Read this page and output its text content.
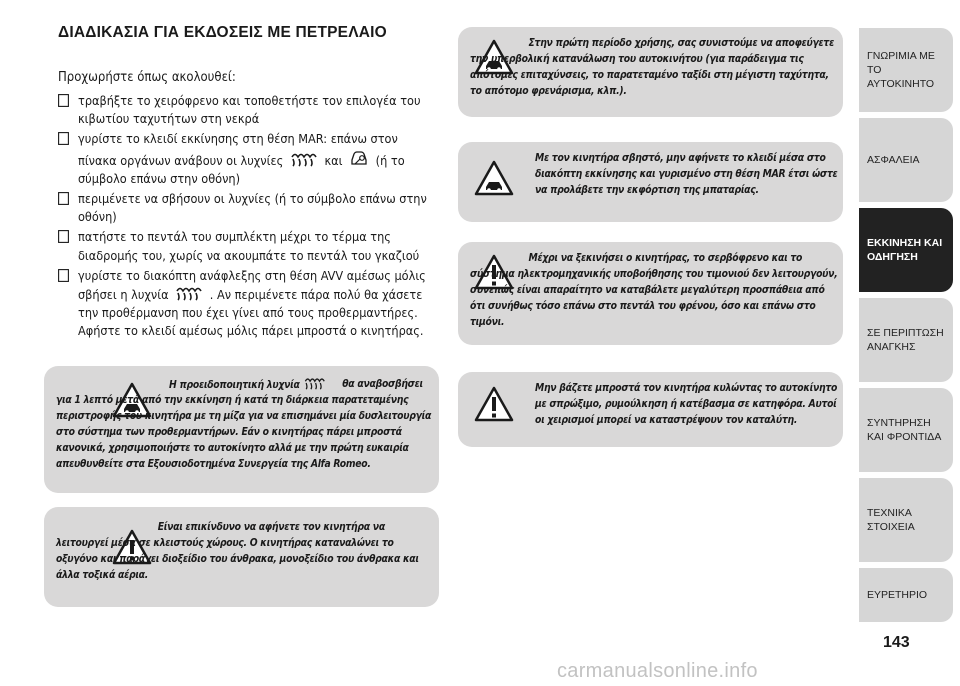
ΔΙΑΔΙΚΑΣΙΑ ΓΙΑ ΕΚΔΟΣΕΙΣ ΜΕ ΠΕΤΡΕΛΑΙΟ
Προχωρήστε όπως ακολουθεί:
τραβήξτε το χειρόφρενο και τοποθετήστε τον επιλογέα του κιβωτίου ταχυτήτων στη νεκρά
γυρίστε το κλειδί εκκίνησης στη θέση MAR: επάνω στον πίνακα οργάνων ανάβουν οι λυχνίες	και	(ή το σύμβολο επάνω στην οθόνη)
περιμένετε να σβήσουν οι λυχνίες (ή το σύμβολο επάνω στην οθόνη)
πατήστε το πεντάλ του συμπλέκτη μέχρι το τέρμα της διαδρομής του, χωρίς να ακουμπάτε το πεντάλ του γκαζιού
γυρίστε το διακόπτη ανάφλεξης στη θέση AVV αμέσως μόλις σβήσει η λυχνία	. Αν περιμένετε πάρα πολύ θα χάσετε την προθέρμανση που έχει γίνει από τους προθερμαντήρες. Αφήστε το κλειδί αμέσως μόλις πάρει μπροστά ο κινητήρας.

Η προειδοποιητική λυχνία	θα αναβοσβήσει για 1 λεπτό μετά από την εκκίνηση ή κατά τη διάρκεια παρατεταμένης περιστροφής του κινητήρα με τη μίζα για να επισημάνει μία δυσλειτουργία στο σύστημα των προθερμαντήρων. Εάν ο κινητήρας πάρει μπροστά κανονικά, χρησιμοποιήστε το αυτοκίνητο αλλά με την πρώτη ευκαιρία απευθυνθείτε στα Εξουσιοδοτημένα Συνεργεία της Alfa Romeo.

Είναι επικίνδυνο να αφήνετε τον κινητήρα να λειτουργεί μέσα σε κλειστούς χώρους. Ο κινητήρας καταναλώνει το οξυγόνο και παράγει διοξείδιο του άνθρακα, μονοξείδιο του άνθρακα και άλλα τοξικά αέρια.

Στην πρώτη περίοδο χρήσης, σας συνιστούμε να αποφεύγετε την υπερβολική κατανάλωση του αυτοκινήτου (για παράδειγμα τις απότομες επιταχύνσεις, το παρατεταμένο ταξίδι στη μέγιστη ταχύτητα, το απότομο φρενάρισμα, κλπ.).

Με τον κινητήρα σβηστό, μην αφήνετε το κλειδί μέσα στο διακόπτη εκκίνησης και γυρισμένο στη θέση MAR έτσι ώστε να προλάβετε την εκφόρτιση της μπαταρίας.

Μέχρι να ξεκινήσει ο κινητήρας, το σερβόφρενο και το σύστημα ηλεκτρομηχανικής υποβοήθησης του τιμονιού δεν λειτουργούν, συνεπώς είναι απαραίτητο να καταβάλετε μεγαλύτερη προσπάθεια από ότι συνήθως τόσο επάνω στο πεντάλ του φρένου, όσο και επάνω στο τιμόνι.

Μην βάζετε μπροστά τον κινητήρα κυλώντας το αυτοκίνητο με σπρώξιμο, ρυμούλκηση ή κατέβασμα σε κατηφόρα. Αυτοί οι χειρισμοί μπορεί να καταστρέψουν τον καταλύτη.

ΓΝΩΡΙΜΙΑ ΜΕ ΤΟ ΑΥΤΟΚΙΝΗΤΟ
ΑΣΦΑΛΕΙΑ
ΕΚΚΙΝΗΣΗ ΚΑΙ ΟΔΗΓΗΣΗ
ΣΕ ΠΕΡΙΠΤΩΣΗ ΑΝΑΓΚΗΣ
ΣΥΝΤΗΡΗΣΗ ΚΑΙ ΦΡΟΝΤΙΔΑ
ΤΕΧΝΙΚΑ ΣΤΟΙΧΕΙΑ
ΕΥΡΕΤΗΡΙΟ
143
carmanualsonline.info
